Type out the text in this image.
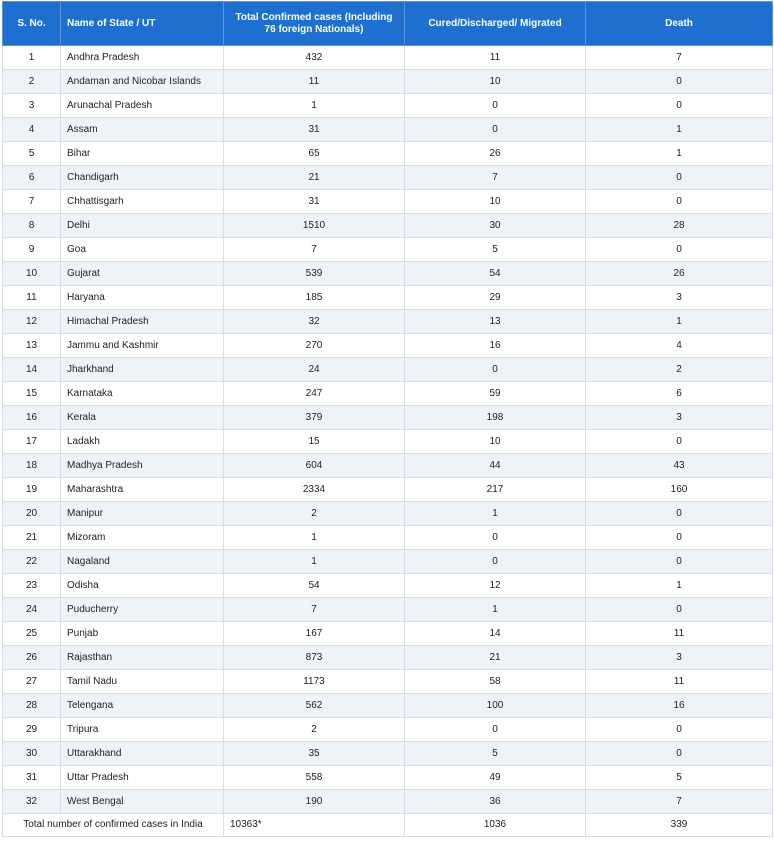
S. No.	Name of State / UT	Total Confirmed cases (Including 76 foreign Nationals)	Cured/Discharged/ Migrated	Death
1	Andhra Pradesh	432	11	7
2	Andaman and Nicobar Islands	11	10	0
3	Arunachal Pradesh	1	0	0
4	Assam	31	0	1
5	Bihar	65	26	1
6	Chandigarh	21	7	0
7	Chhattisgarh	31	10	0
8	Delhi	1510	30	28
9	Goa	7	5	0
10	Gujarat	539	54	26
11	Haryana	185	29	3
12	Himachal Pradesh	32	13	1
13	Jammu and Kashmir	270	16	4
14	Jharkhand	24	0	2
15	Karnataka	247	59	6
16	Kerala	379	198	3
17	Ladakh	15	10	0
18	Madhya Pradesh	604	44	43
19	Maharashtra	2334	217	160
20	Manipur	2	1	0
21	Mizoram	1	0	0
22	Nagaland	1	0	0
23	Odisha	54	12	1
24	Puducherry	7	1	0
25	Punjab	167	14	11
26	Rajasthan	873	21	3
27	Tamil Nadu	1173	58	11
28	Telengana	562	100	16
29	Tripura	2	0	0
30	Uttarakhand	35	5	0
31	Uttar Pradesh	558	49	5
32	West Bengal	190	36	7
Total number of confirmed cases in India		10363*	1036	339
